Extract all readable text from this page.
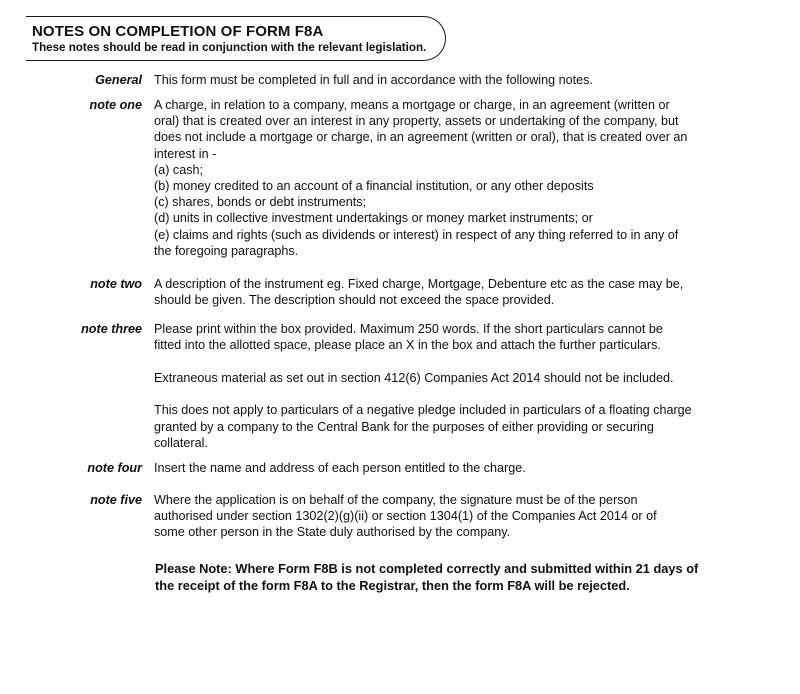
NOTES ON COMPLETION OF FORM F8A
These notes should be read in conjunction with the relevant legislation.
General This form must be completed in full and in accordance with the following notes.
note one A charge, in relation to a company, means a mortgage or charge, in an agreement (written or
oral) that is created over an interest in any property, assets or undertaking of the company, but
does not include a mortgage or charge, in an agreement (written or oral), that is created over an
interest in -
(a) cash;
(b) money credited to an account of a financial institution, or any other deposits
(c) shares, bonds or debt instruments;
(d) units in collective investment undertakings or money market instruments; or
(e) claims and rights (such as dividends or interest) in respect of any thing referred to in any of
the foregoing paragraphs.
note two A description of the instrument eg. Fixed charge, Mortgage, Debenture etc as the case may be,
should be given. The description should not exceed the space provided.
note three Please print within the box provided. Maximum 250 words. If the short particulars cannot be
fitted into the allotted space, please place an X in the box and attach the further particulars.
Extraneous material as set out in section 412(6) Companies Act 2014 should not be included.
This does not apply to particulars of a negative pledge included in particulars of a floating charge
granted by a company to the Central Bank for the purposes of either providing or securing
collateral.
note four Insert the name and address of each person entitled to the charge.
note five Where the application is on behalf of the company, the signature must be of the person
authorised under section 1302(2)(g)(ii) or section 1304(1) of the Companies Act 2014 or of
some other person in the State duly authorised by the company.
Please Note: Where Form F8B is not completed correctly and submitted within 21 days of
the receipt of the form F8A to the Registrar, then the form F8A will be rejected.
